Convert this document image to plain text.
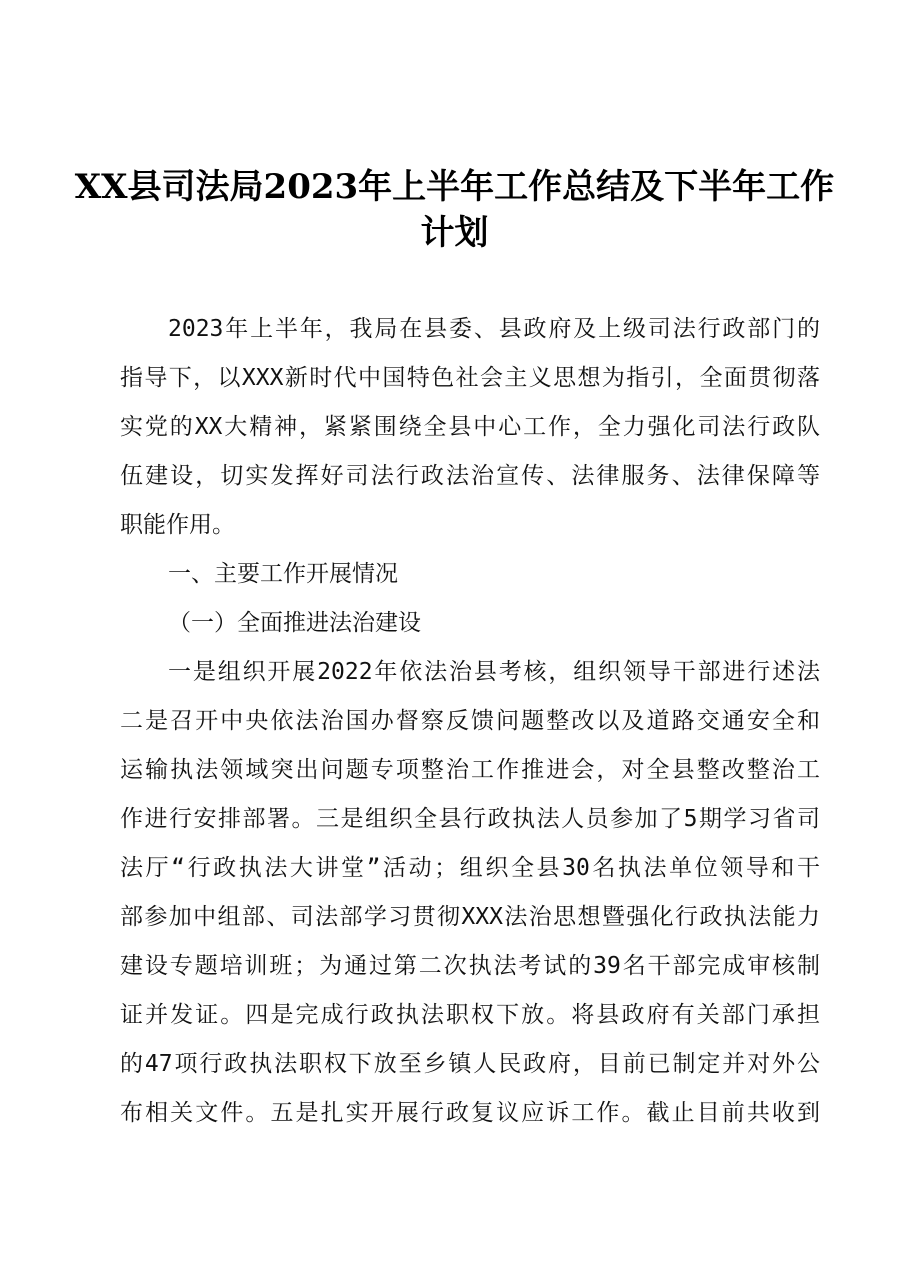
XX县司法局2023年上半年工作总结及下半年工作
计划

2023年上半年，我局在县委、县政府及上级司法行政部门的

指导下，以XXX新时代中国特色社会主义思想为指引，全面贯彻落

实党的XX大精神，紧紧围绕全县中心工作，全力强化司法行政队

伍建设，切实发挥好司法行政法治宣传、法律服务、法律保障等

职能作用。

一、主要工作开展情况

（一）全面推进法治建设

一是组织开展2022年依法治县考核，组织领导干部进行述法

二是召开中央依法治国办督察反馈问题整改以及道路交通安全和

运输执法领域突出问题专项整治工作推进会，对全县整改整治工

作进行安排部署。三是组织全县行政执法人员参加了5期学习省司

法厅“行政执法大讲堂”活动；组织全县30名执法单位领导和干

部参加中组部、司法部学习贯彻XXX法治思想暨强化行政执法能力

建设专题培训班；为通过第二次执法考试的39名干部完成审核制

证并发证。四是完成行政执法职权下放。将县政府有关部门承担

的47项行政执法职权下放至乡镇人民政府，目前已制定并对外公

布相关文件。五是扎实开展行政复议应诉工作。截止目前共收到
